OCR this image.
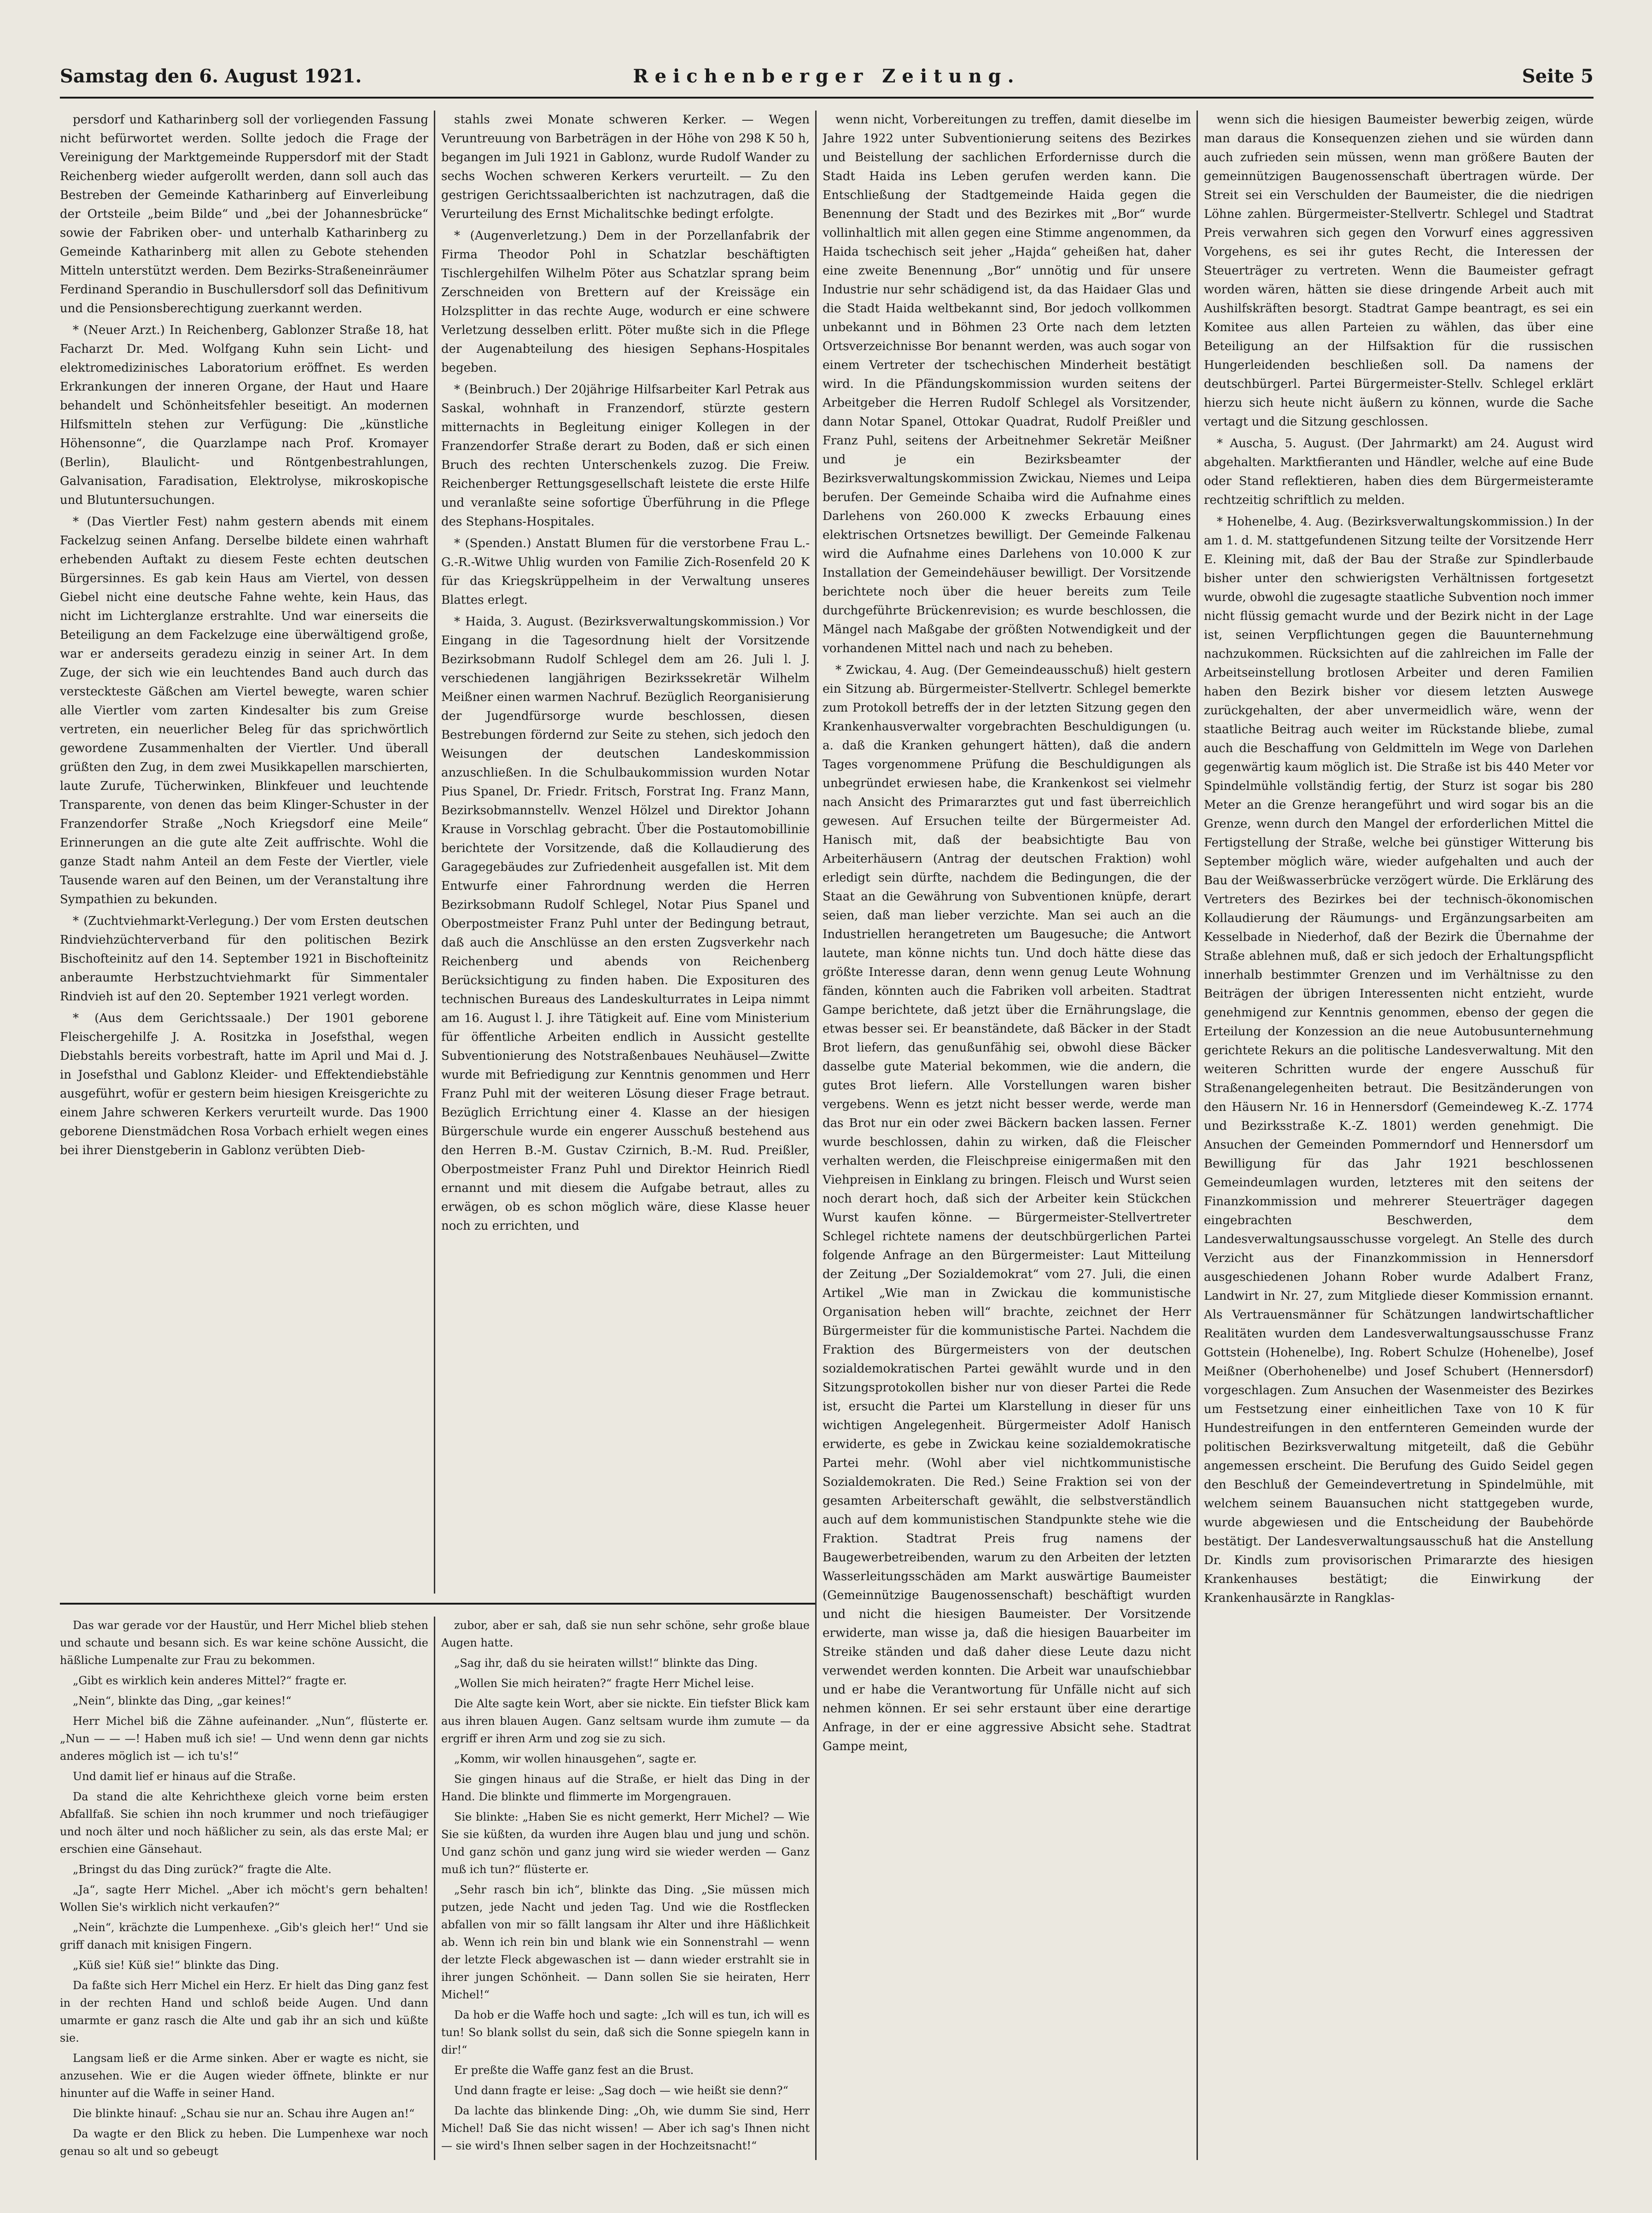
Samstag den 6. August 1921.	Reichenberger Zeitung.	Seite 5

persdorf und Katharinberg soll der vorliegenden Fassung nicht befürwortet werden. Sollte jedoch die Frage der Vereinigung der Marktgemeinde Ruppersdorf mit der Stadt Reichenberg wieder aufgerollt werden, dann soll auch das Bestreben der Gemeinde Katharinberg auf Einverleibung der Ortsteile „beim Bilde“ und „bei der Johannesbrücke“ sowie der Fabriken ober- und unterhalb Katharinberg zu Gemeinde Katharinberg mit allen zu Gebote stehenden Mitteln unterstützt werden. Dem Bezirks-Straßeneinräumer Ferdinand Sperandio in Buschullersdorf soll das Definitivum und die Pensionsberechtigung zuerkannt werden.

* (Neuer Arzt.) In Reichenberg, Gablonzer Straße 18, hat Facharzt Dr. Med. Wolfgang Kuhn sein Licht- und elektromedizinisches Laboratorium eröffnet. Es werden Erkrankungen der inneren Organe, der Haut und Haare behandelt und Schönheitsfehler beseitigt. An modernen Hilfsmitteln stehen zur Verfügung: Die „künstliche Höhensonne“, die Quarzlampe nach Prof. Kromayer (Berlin), Blaulicht- und Röntgenbestrahlungen, Galvanisation, Faradisation, Elektrolyse, mikroskopische und Blutuntersuchungen.

* (Das Viertler Fest) nahm gestern abends mit einem Fackelzug seinen Anfang. Derselbe bildete einen wahrhaft erhebenden Auftakt zu diesem Feste echten deutschen Bürgersinnes. Es gab kein Haus am Viertel, von dessen Giebel nicht eine deutsche Fahne wehte, kein Haus, das nicht im Lichterglanze erstrahlte. Und war einerseits die Beteiligung an dem Fackelzuge eine überwältigend große, war er anderseits geradezu einzig in seiner Art. In dem Zuge, der sich wie ein leuchtendes Band auch durch das versteckteste Gäßchen am Viertel bewegte, waren schier alle Viertler vom zarten Kindesalter bis zum Greise vertreten, ein neuerlicher Beleg für das sprichwörtlich gewordene Zusammenhalten der Viertler. Und überall grüßten den Zug, in dem zwei Musikkapellen marschierten, laute Zurufe, Tücherwinken, Blinkfeuer und leuchtende Transparente, von denen das beim Klinger-Schuster in der Franzendorfer Straße „Noch Kriegsdorf eine Meile“ Erinnerungen an die gute alte Zeit auffrischte. Wohl die ganze Stadt nahm Anteil an dem Feste der Viertler, viele Tausende waren auf den Beinen, um der Veranstaltung ihre Sympathien zu bekunden.

* (Zuchtviehmarkt-Verlegung.) Der vom Ersten deutschen Rindviehzüchterverband für den politischen Bezirk Bischofteinitz auf den 14. September 1921 in Bischofteinitz anberaumte Herbstzuchtviehmarkt für Simmentaler Rindvieh ist auf den 20. September 1921 verlegt worden.

* (Aus dem Gerichtssaale.) Der 1901 geborene Fleischergehilfe J. A. Rositzka in Josefsthal, wegen Diebstahls bereits vorbestraft, hatte im April und Mai d. J. in Josefsthal und Gablonz Kleider- und Effektendiebstähle ausgeführt, wofür er gestern beim hiesigen Kreisgerichte zu einem Jahre schweren Kerkers verurteilt wurde. Das 1900 geborene Dienstmädchen Rosa Vorbach erhielt wegen eines bei ihrer Dienstgeberin in Gablonz verübten Dieb-

stahls zwei Monate schweren Kerker. — Wegen Veruntreuung von Barbeträgen in der Höhe von 298 K 50 h, begangen im Juli 1921 in Gablonz, wurde Rudolf Wander zu sechs Wochen schweren Kerkers verurteilt. — Zu den gestrigen Gerichtssaalberichten ist nachzutragen, daß die Verurteilung des Ernst Michalitschke bedingt erfolgte.

* (Augenverletzung.) Dem in der Porzellanfabrik der Firma Theodor Pohl in Schatzlar beschäftigten Tischlergehilfen Wilhelm Pöter aus Schatzlar sprang beim Zerschneiden von Brettern auf der Kreissäge ein Holzsplitter in das rechte Auge, wodurch er eine schwere Verletzung desselben erlitt. Pöter mußte sich in die Pflege der Augenabteilung des hiesigen Sephans-Hospitales begeben.

* (Beinbruch.) Der 20jährige Hilfsarbeiter Karl Petrak aus Saskal, wohnhaft in Franzendorf, stürzte gestern mitternachts in Begleitung einiger Kollegen in der Franzendorfer Straße derart zu Boden, daß er sich einen Bruch des rechten Unterschenkels zuzog. Die Freiw. Reichenberger Rettungsgesellschaft leistete die erste Hilfe und veranlaßte seine sofortige Überführung in die Pflege des Stephans-Hospitales.

* (Spenden.) Anstatt Blumen für die verstorbene Frau L.-G.-R.-Witwe Uhlig wurden von Familie Zich-Rosenfeld 20 K für das Kriegskrüppelheim in der Verwaltung unseres Blattes erlegt.

* Haida, 3. August. (Bezirksverwaltungskommission.) Vor Eingang in die Tagesordnung hielt der Vorsitzende Bezirksobmann Rudolf Schlegel dem am 26. Juli l. J. verschiedenen langjährigen Bezirkssekretär Wilhelm Meißner einen warmen Nachruf. Bezüglich Reorganisierung der Jugendfürsorge wurde beschlossen, diesen Bestrebungen fördernd zur Seite zu stehen, sich jedoch den Weisungen der deutschen Landeskommission anzuschließen. In die Schulbaukommission wurden Notar Pius Spanel, Dr. Friedr. Fritsch, Forstrat Ing. Franz Mann, Bezirksobmannstellv. Wenzel Hölzel und Direktor Johann Krause in Vorschlag gebracht. Über die Postautomobillinie berichtete der Vorsitzende, daß die Kollaudierung des Garagegebäudes zur Zufriedenheit ausgefallen ist. Mit dem Entwurfe einer Fahrordnung werden die Herren Bezirksobmann Rudolf Schlegel, Notar Pius Spanel und Oberpostmeister Franz Puhl unter der Bedingung betraut, daß auch die Anschlüsse an den ersten Zugsverkehr nach Reichenberg und abends von Reichenberg Berücksichtigung zu finden haben. Die Exposituren des technischen Bureaus des Landeskulturrates in Leipa nimmt am 16. August l. J. ihre Tätigkeit auf. Eine vom Ministerium für öffentliche Arbeiten endlich in Aussicht gestellte Subventionierung des Notstraßenbaues Neuhäusel—Zwitte wurde mit Befriedigung zur Kenntnis genommen und Herr Franz Puhl mit der weiteren Lösung dieser Frage betraut. Bezüglich Errichtung einer 4. Klasse an der hiesigen Bürgerschule wurde ein engerer Ausschuß bestehend aus den Herren B.-M. Gustav Czirnich, B.-M. Rud. Preißler, Oberpostmeister Franz Puhl und Direktor Heinrich Riedl ernannt und mit diesem die Aufgabe betraut, alles zu erwägen, ob es schon möglich wäre, diese Klasse heuer noch zu errichten, und

wenn nicht, Vorbereitungen zu treffen, damit dieselbe im Jahre 1922 unter Subventionierung seitens des Bezirkes und Beistellung der sachlichen Erfordernisse durch die Stadt Haida ins Leben gerufen werden kann. Die Entschließung der Stadtgemeinde Haida gegen die Benennung der Stadt und des Bezirkes mit „Bor“ wurde vollinhaltlich mit allen gegen eine Stimme angenommen, da Haida tschechisch seit jeher „Hajda“ geheißen hat, daher eine zweite Benennung „Bor“ unnötig und für unsere Industrie nur sehr schädigend ist, da das Haidaer Glas und die Stadt Haida weltbekannt sind, Bor jedoch vollkommen unbekannt und in Böhmen 23 Orte nach dem letzten Ortsverzeichnisse Bor benannt werden, was auch sogar von einem Vertreter der tschechischen Minderheit bestätigt wird. In die Pfändungskommission wurden seitens der Arbeitgeber die Herren Rudolf Schlegel als Vorsitzender, dann Notar Spanel, Ottokar Quadrat, Rudolf Preißler und Franz Puhl, seitens der Arbeitnehmer Sekretär Meißner und je ein Bezirksbeamter der Bezirksverwaltungskommission Zwickau, Niemes und Leipa berufen. Der Gemeinde Schaiba wird die Aufnahme eines Darlehens von 260.000 K zwecks Erbauung eines elektrischen Ortsnetzes bewilligt. Der Gemeinde Falkenau wird die Aufnahme eines Darlehens von 10.000 K zur Installation der Gemeindehäuser bewilligt. Der Vorsitzende berichtete noch über die heuer bereits zum Teile durchgeführte Brückenrevision; es wurde beschlossen, die Mängel nach Maßgabe der größten Notwendigkeit und der vorhandenen Mittel nach und nach zu beheben.

* Zwickau, 4. Aug. (Der Gemeindeausschuß) hielt gestern ein Sitzung ab. Bürgermeister-Stellvertr. Schlegel bemerkte zum Protokoll betreffs der in der letzten Sitzung gegen den Krankenhausverwalter vorgebrachten Beschuldigungen (u. a. daß die Kranken gehungert hätten), daß die andern Tages vorgenommene Prüfung die Beschuldigungen als unbegründet erwiesen habe, die Krankenkost sei vielmehr nach Ansicht des Primararztes gut und fast überreichlich gewesen. Auf Ersuchen teilte der Bürgermeister Ad. Hanisch mit, daß der beabsichtigte Bau von Arbeiterhäusern (Antrag der deutschen Fraktion) wohl erledigt sein dürfte, nachdem die Bedingungen, die der Staat an die Gewährung von Subventionen knüpfe, derart seien, daß man lieber verzichte. Man sei auch an die Industriellen herangetreten um Baugesuche; die Antwort lautete, man könne nichts tun. Und doch hätte diese das größte Interesse daran, denn wenn genug Leute Wohnung fänden, könnten auch die Fabriken voll arbeiten. Stadtrat Gampe berichtete, daß jetzt über die Ernährungslage, die etwas besser sei. Er beanständete, daß Bäcker in der Stadt Brot liefern, das genußunfähig sei, obwohl diese Bäcker dasselbe gute Material bekommen, wie die andern, die gutes Brot liefern. Alle Vorstellungen waren bisher vergebens. Wenn es jetzt nicht besser werde, werde man das Brot nur ein oder zwei Bäckern backen lassen. Ferner wurde beschlossen, dahin zu wirken, daß die Fleischer verhalten werden, die Fleischpreise einigermaßen mit den Viehpreisen in Einklang zu bringen. Fleisch und Wurst seien noch derart hoch, daß sich der Arbeiter kein Stückchen Wurst kaufen könne. — Bürgermeister-Stellvertreter Schlegel richtete namens der deutschbürgerlichen Partei folgende Anfrage an den Bürgermeister: Laut Mitteilung der Zeitung „Der Sozialdemokrat“ vom 27. Juli, die einen Artikel „Wie man in Zwickau die kommunistische Organisation heben will“ brachte, zeichnet der Herr Bürgermeister für die kommunistische Partei. Nachdem die Fraktion des Bürgermeisters von der deutschen sozialdemokratischen Partei gewählt wurde und in den Sitzungsprotokollen bisher nur von dieser Partei die Rede ist, ersucht die Partei um Klarstellung in dieser für uns wichtigen Angelegenheit. Bürgermeister Adolf Hanisch erwiderte, es gebe in Zwickau keine sozialdemokratische Partei mehr. (Wohl aber viel nichtkommunistische Sozialdemokraten. Die Red.) Seine Fraktion sei von der gesamten Arbeiterschaft gewählt, die selbstverständlich auch auf dem kommunistischen Standpunkte stehe wie die Fraktion. Stadtrat Preis frug namens der Baugewerbetreibenden, warum zu den Arbeiten der letzten Wasserleitungsschäden am Markt auswärtige Baumeister (Gemeinnützige Baugenossenschaft) beschäftigt wurden und nicht die hiesigen Baumeister. Der Vorsitzende erwiderte, man wisse ja, daß die hiesigen Bauarbeiter im Streike ständen und daß daher diese Leute dazu nicht verwendet werden konnten. Die Arbeit war unaufschiebbar und er habe die Verantwortung für Unfälle nicht auf sich nehmen können. Er sei sehr erstaunt über eine derartige Anfrage, in der er eine aggressive Absicht sehe. Stadtrat Gampe meint,

wenn sich die hiesigen Baumeister bewerbig zeigen, würde man daraus die Konsequenzen ziehen und sie würden dann auch zufrieden sein müssen, wenn man größere Bauten der gemeinnützigen Baugenossenschaft übertragen würde. Der Streit sei ein Verschulden der Baumeister, die die niedrigen Löhne zahlen. Bürgermeister-Stellvertr. Schlegel und Stadtrat Preis verwahren sich gegen den Vorwurf eines aggressiven Vorgehens, es sei ihr gutes Recht, die Interessen der Steuerträger zu vertreten. Wenn die Baumeister gefragt worden wären, hätten sie diese dringende Arbeit auch mit Aushilfskräften besorgt. Stadtrat Gampe beantragt, es sei ein Komitee aus allen Parteien zu wählen, das über eine Beteiligung an der Hilfsaktion für die russischen Hungerleidenden beschließen soll. Da namens der deutschbürgerl. Partei Bürgermeister-Stellv. Schlegel erklärt hierzu sich heute nicht äußern zu können, wurde die Sache vertagt und die Sitzung geschlossen.

* Auscha, 5. August. (Der Jahrmarkt) am 24. August wird abgehalten. Marktfieranten und Händler, welche auf eine Bude oder Stand reflektieren, haben dies dem Bürgermeisteramte rechtzeitig schriftlich zu melden.

* Hohenelbe, 4. Aug. (Bezirksverwaltungskommission.) In der am 1. d. M. stattgefundenen Sitzung teilte der Vorsitzende Herr E. Kleining mit, daß der Bau der Straße zur Spindlerbaude bisher unter den schwierigsten Verhältnissen fortgesetzt wurde, obwohl die zugesagte staatliche Subvention noch immer nicht flüssig gemacht wurde und der Bezirk nicht in der Lage ist, seinen Verpflichtungen gegen die Bauunternehmung nachzukommen. Rücksichten auf die zahlreichen im Falle der Arbeitseinstellung brotlosen Arbeiter und deren Familien haben den Bezirk bisher vor diesem letzten Auswege zurückgehalten, der aber unvermeidlich wäre, wenn der staatliche Beitrag auch weiter im Rückstande bliebe, zumal auch die Beschaffung von Geldmitteln im Wege von Darlehen gegenwärtig kaum möglich ist. Die Straße ist bis 440 Meter vor Spindelmühle vollständig fertig, der Sturz ist sogar bis 280 Meter an die Grenze herangeführt und wird sogar bis an die Grenze, wenn durch den Mangel der erforderlichen Mittel die Fertigstellung der Straße, welche bei günstiger Witterung bis September möglich wäre, wieder aufgehalten und auch der Bau der Weißwasserbrücke verzögert würde. Die Erklärung des Vertreters des Bezirkes bei der technisch-ökonomischen Kollaudierung der Räumungs- und Ergänzungsarbeiten am Kesselbade in Niederhof, daß der Bezirk die Übernahme der Straße ablehnen muß, daß er sich jedoch der Erhaltungspflicht innerhalb bestimmter Grenzen und im Verhältnisse zu den Beiträgen der übrigen Interessenten nicht entzieht, wurde genehmigend zur Kenntnis genommen, ebenso der gegen die Erteilung der Konzession an die neue Autobusunternehmung gerichtete Rekurs an die politische Landesverwaltung. Mit den weiteren Schritten wurde der engere Ausschuß für Straßenangelegenheiten betraut. Die Besitzänderungen von den Häusern Nr. 16 in Hennersdorf (Gemeindeweg K.-Z. 1774 und Bezirksstraße K.-Z. 1801) werden genehmigt. Die Ansuchen der Gemeinden Pommerndorf und Hennersdorf um Bewilligung für das Jahr 1921 beschlossenen Gemeindeumlagen wurden, letzteres mit den seitens der Finanzkommission und mehrerer Steuerträger dagegen eingebrachten Beschwerden, dem Landesverwaltungsausschusse vorgelegt. An Stelle des durch Verzicht aus der Finanzkommission in Hennersdorf ausgeschiedenen Johann Rober wurde Adalbert Franz, Landwirt in Nr. 27, zum Mitgliede dieser Kommission ernannt. Als Vertrauensmänner für Schätzungen landwirtschaftlicher Realitäten wurden dem Landesverwaltungsausschusse Franz Gottstein (Hohenelbe), Ing. Robert Schulze (Hohenelbe), Josef Meißner (Oberhohenelbe) und Josef Schubert (Hennersdorf) vorgeschlagen. Zum Ansuchen der Wasenmeister des Bezirkes um Festsetzung einer einheitlichen Taxe von 10 K für Hundestreifungen in den entfernteren Gemeinden wurde der politischen Bezirksverwaltung mitgeteilt, daß die Gebühr angemessen erscheint. Die Berufung des Guido Seidel gegen den Beschluß der Gemeindevertretung in Spindelmühle, mit welchem seinem Bauansuchen nicht stattgegeben wurde, wurde abgewiesen und die Entscheidung der Baubehörde bestätigt. Der Landesverwaltungsausschuß hat die Anstellung Dr. Kindls zum provisorischen Primararzte des hiesigen Krankenhauses bestätigt; die Einwirkung der Krankenhausärzte in Rangklas-

Das war gerade vor der Haustür, und Herr Michel blieb stehen und schaute und besann sich. Es war keine schöne Aussicht, die häßliche Lumpenalte zur Frau zu bekommen.

„Gibt es wirklich kein anderes Mittel?“ fragte er.

„Nein“, blinkte das Ding, „gar keines!“

Herr Michel biß die Zähne aufeinander. „Nun“, flüsterte er. „Nun — — —! Haben muß ich sie! — Und wenn denn gar nichts anderes möglich ist — ich tu's!“

Und damit lief er hinaus auf die Straße.

Da stand die alte Kehrichthexe gleich vorne beim ersten Abfallfaß. Sie schien ihn noch krummer und noch triefäugiger und noch älter und noch häßlicher zu sein, als das erste Mal; er erschien eine Gänsehaut.

„Bringst du das Ding zurück?“ fragte die Alte.

„Ja“, sagte Herr Michel. „Aber ich möcht's gern behalten! Wollen Sie's wirklich nicht verkaufen?“

„Nein“, krächzte die Lumpenhexe. „Gib's gleich her!“ Und sie griff danach mit knisigen Fingern.

„Küß sie! Küß sie!“ blinkte das Ding.

Da faßte sich Herr Michel ein Herz. Er hielt das Ding ganz fest in der rechten Hand und schloß beide Augen. Und dann umarmte er ganz rasch die Alte und gab ihr an sich und küßte sie.

Langsam ließ er die Arme sinken. Aber er wagte es nicht, sie anzusehen. Wie er die Augen wieder öffnete, blinkte er nur hinunter auf die Waffe in seiner Hand.

Die blinkte hinauf: „Schau sie nur an. Schau ihre Augen an!“

Da wagte er den Blick zu heben. Die Lumpenhexe war noch genau so alt und so gebeugt

zubor, aber er sah, daß sie nun sehr schöne, sehr große blaue Augen hatte.

„Sag ihr, daß du sie heiraten willst!“ blinkte das Ding.

„Wollen Sie mich heiraten?“ fragte Herr Michel leise.

Die Alte sagte kein Wort, aber sie nickte. Ein tiefster Blick kam aus ihren blauen Augen. Ganz seltsam wurde ihm zumute — da ergriff er ihren Arm und zog sie zu sich.

„Komm, wir wollen hinausgehen“, sagte er.

Sie gingen hinaus auf die Straße, er hielt das Ding in der Hand. Die blinkte und flimmerte im Morgengrauen.

Sie blinkte: „Haben Sie es nicht gemerkt, Herr Michel? — Wie Sie sie küßten, da wurden ihre Augen blau und jung und schön. Und ganz schön und ganz jung wird sie wieder werden — Ganz muß ich tun?“ flüsterte er.

„Sehr rasch bin ich“, blinkte das Ding. „Sie müssen mich putzen, jede Nacht und jeden Tag. Und wie die Rostflecken abfallen von mir so fällt langsam ihr Alter und ihre Häßlichkeit ab. Wenn ich rein bin und blank wie ein Sonnenstrahl — wenn der letzte Fleck abgewaschen ist — dann wieder erstrahlt sie in ihrer jungen Schönheit. — Dann sollen Sie sie heiraten, Herr Michel!“

Da hob er die Waffe hoch und sagte: „Ich will es tun, ich will es tun! So blank sollst du sein, daß sich die Sonne spiegeln kann in dir!“

Er preßte die Waffe ganz fest an die Brust.

Und dann fragte er leise: „Sag doch — wie heißt sie denn?“

Da lachte das blinkende Ding: „Oh, wie dumm Sie sind, Herr Michel! Daß Sie das nicht wissen! — Aber ich sag's Ihnen nicht — sie wird's Ihnen selber sagen in der Hochzeitsnacht!“
